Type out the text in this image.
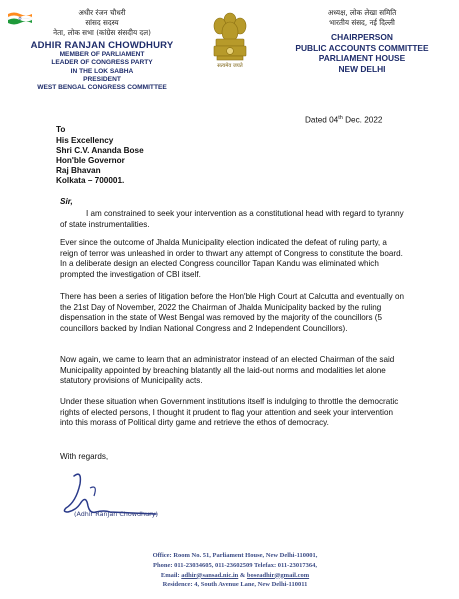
अधीर रंजन चौधरी
सांसद सदस्य
नेता, लोक सभा (कांग्रेस संसदीय दल)
ADHIR RANJAN CHOWDHURY
MEMBER OF PARLIAMENT
LEADER OF CONGRESS PARTY
IN THE LOK SABHA
PRESIDENT
WEST BENGAL CONGRESS COMMITTEE
सत्यमेव जयते
अध्यक्ष, लोक लेखा समिति
भारतीय संसद, नई दिल्ली
CHAIRPERSON
PUBLIC ACCOUNTS COMMITTEE
PARLIAMENT HOUSE
NEW DELHI
Dated 04th Dec. 2022
To
His Excellency
Shri C.V. Ananda Bose
Hon'ble Governor
Raj Bhavan
Kolkata – 700001.
Sir,

I am constrained to seek your intervention as a constitutional head with regard to tyranny of state instrumentalities.

Ever since the outcome of Jhalda Municipality election indicated the defeat of ruling party, a reign of terror was unleashed in order to thwart any attempt of Congress to constitute the board. In a deliberate design an elected Congress councillor Tapan Kandu was eliminated which prompted the investigation of CBI itself.

There has been a series of litigation before the Hon'ble High Court at Calcutta and eventually on the 21st Day of November, 2022 the Chairman of Jhalda Municipality backed by the ruling dispensation in the state of West Bengal was removed by the majority of the councillors (5 councillors backed by Indian National Congress and 2 Independent Councillors).

Now again, we came to learn that an administrator instead of an elected Chairman of the said Municipality appointed by breaching blatantly all the laid-out norms and modalities let alone statutory provisions of Municipality acts.

Under these situation when Government institutions itself is indulging to throttle the democratic rights of elected persons, I thought it prudent to flag your attention and seek your intervention into this morass of Political dirty game and retrieve the ethos of democracy.

With regards,
(Adhir Ranjan Chowdhury)
Office: Room No. 51, Parliament House, New Delhi-110001,
Phone: 011-23034605, 011-23602509 Telefax: 011-23017364,
Email: adhir@sansad.nic.in & boseadhir@gmail.com
Residence: 4, South Avenue Lane, New Delhi-110011
